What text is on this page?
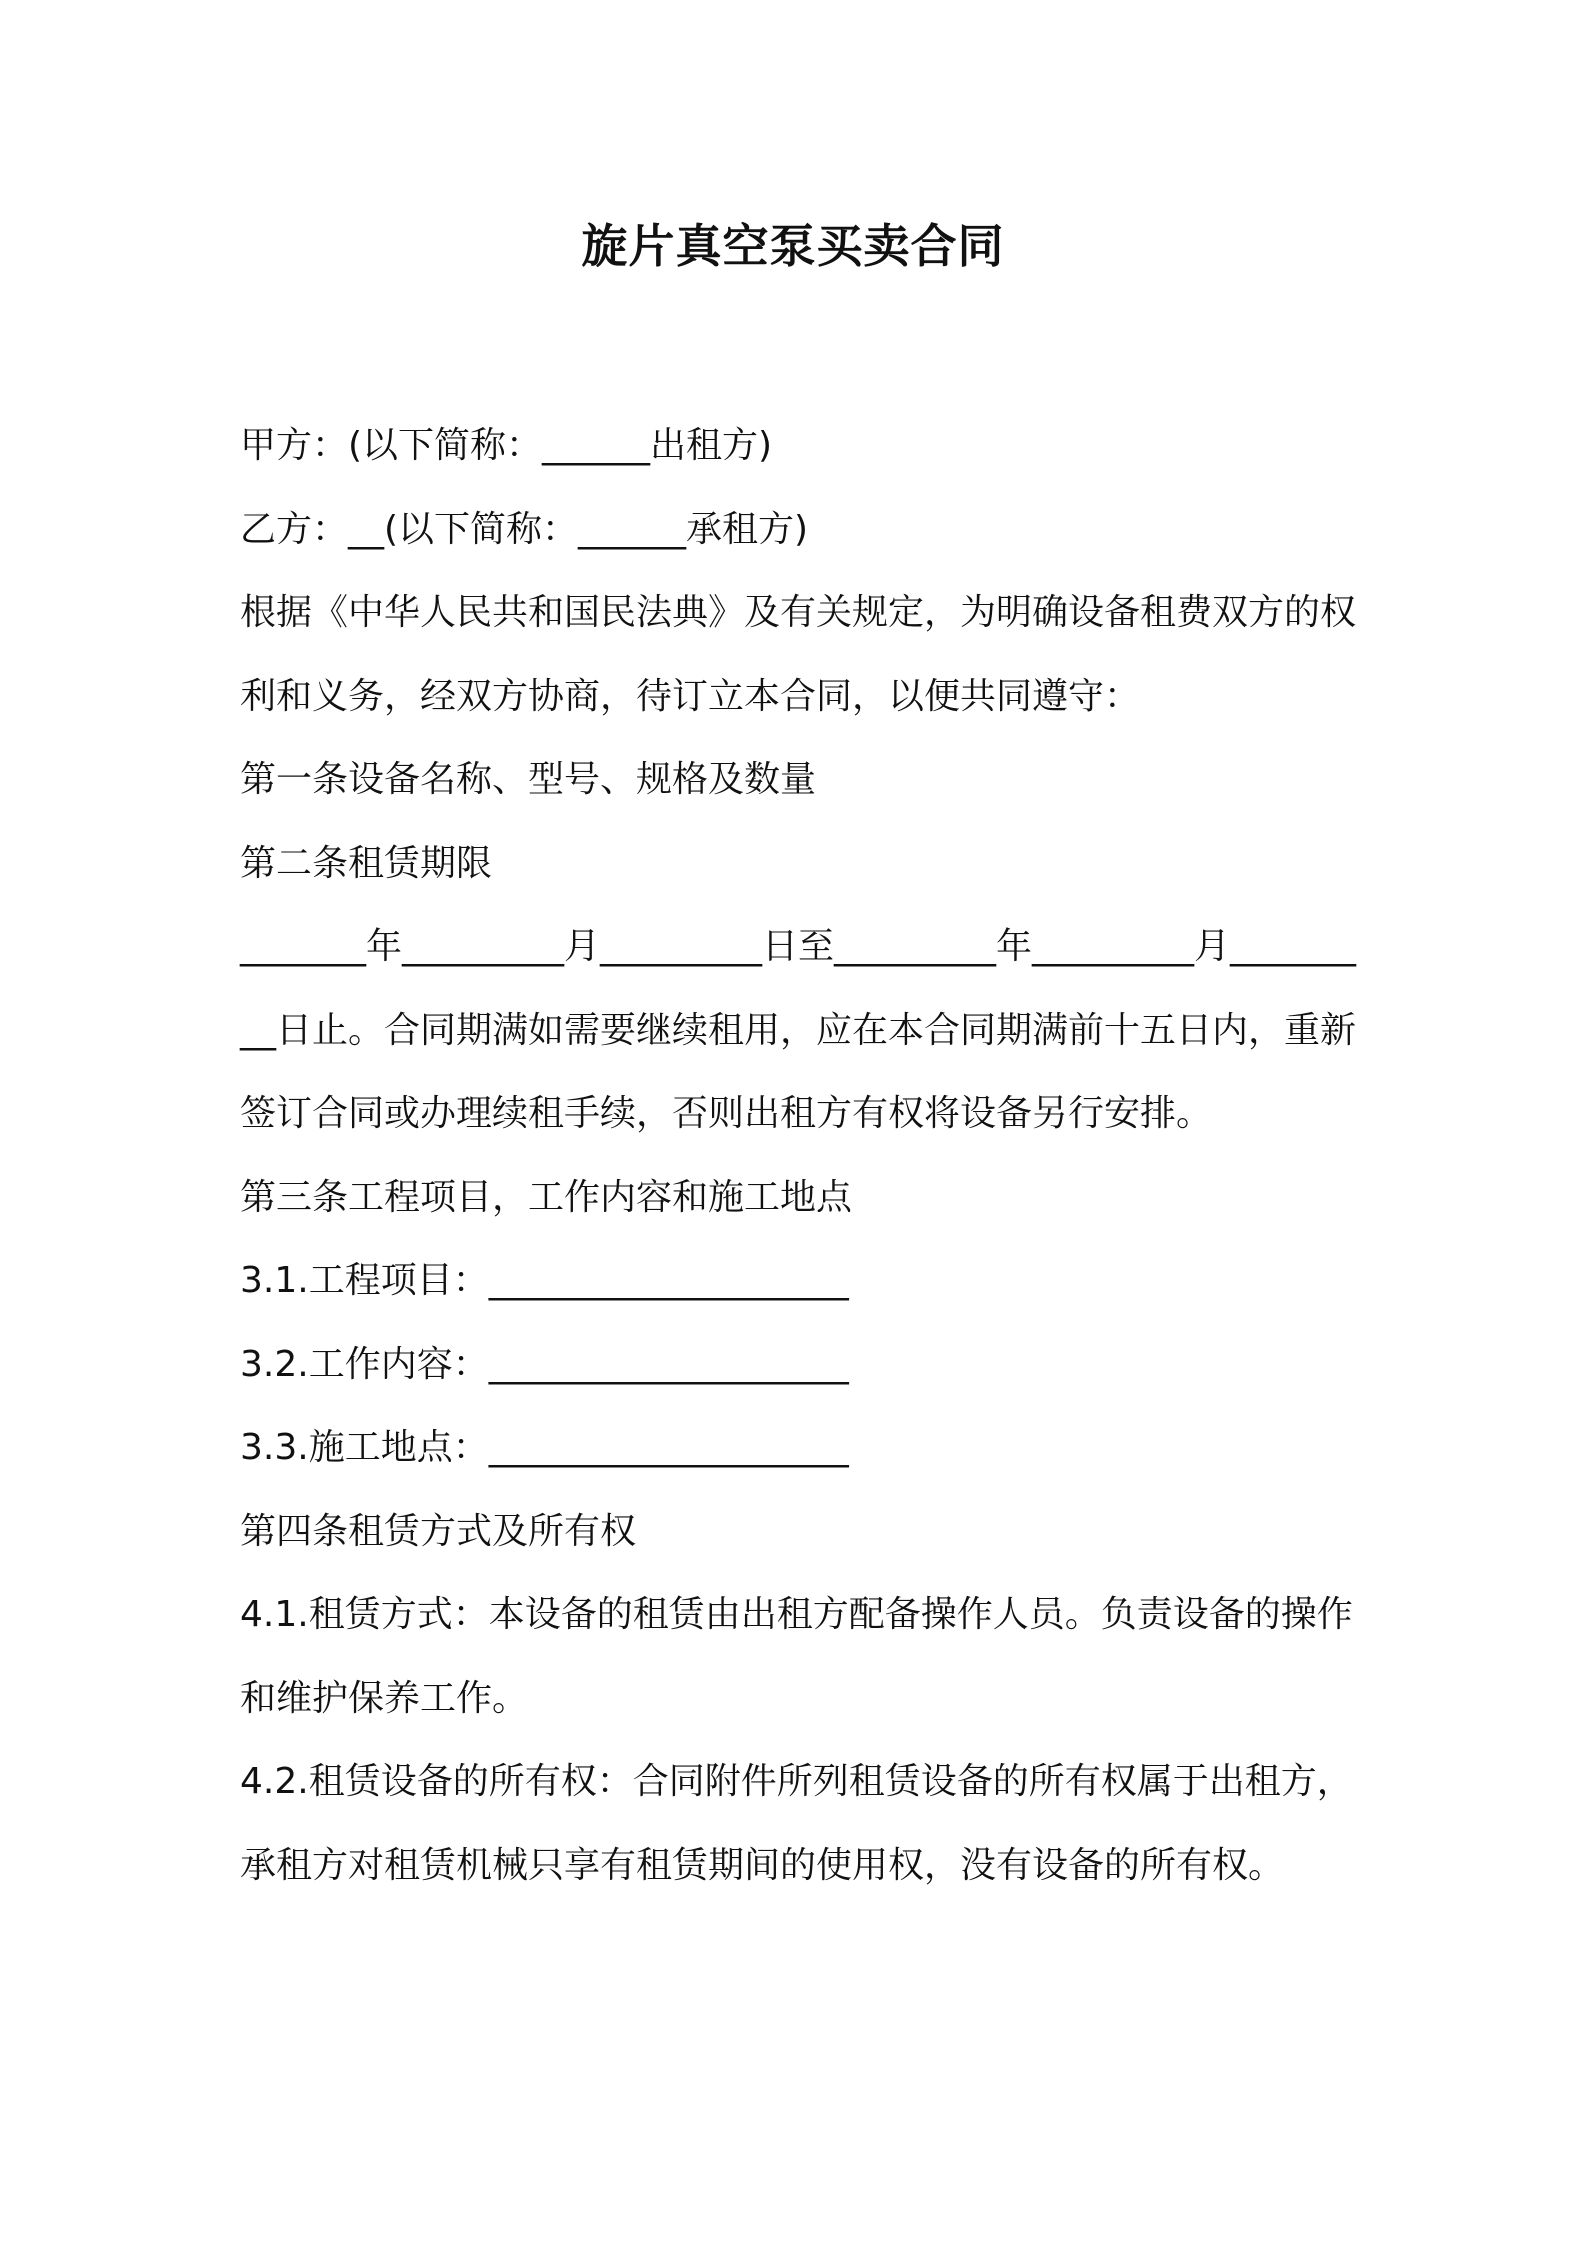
旋片真空泵买卖合同

甲方：(以下简称：______出租方)

乙方：__(以下简称：______承租方)

根据《中华人民共和国民法典》及有关规定，为明确设备租费双方的权利和义务，经双方协商，待订立本合同，以便共同遵守：

第一条设备名称、型号、规格及数量

第二条租赁期限

_______年_________月_________日至_________年_________月_________日止。合同期满如需要继续租用，应在本合同期满前十五日内，重新签订合同或办理续租手续，否则出租方有权将设备另行安排。

第三条工程项目，工作内容和施工地点

3.1.工程项目：____________________

3.2.工作内容：____________________

3.3.施工地点：____________________

第四条租赁方式及所有权

4.1.租赁方式：本设备的租赁由出租方配备操作人员。负责设备的操作和维护保养工作。

4.2.租赁设备的所有权：合同附件所列租赁设备的所有权属于出租方，承租方对租赁机械只享有租赁期间的使用权，没有设备的所有权。
